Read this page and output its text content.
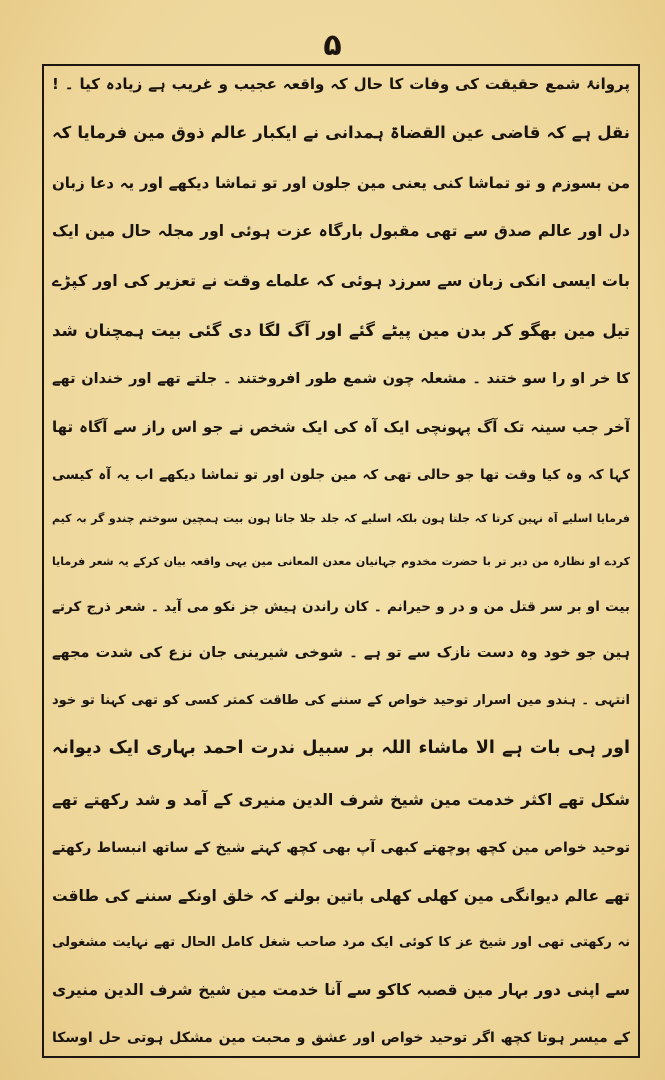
۵
پروانۂ شمع حقیقت کی وفات کا حال کہ واقعہ عجیب و غریب ہے زیادہ کیا ۔ !
نقل ہے کہ قاضی عین القضاۃ ہمدانی نے ایکبار عالم ذوق مین فرمایا کہ
من بسوزم و تو تماشا کنی یعنی مین جلون اور تو تماشا دیکھے اور یہ دعا زبان
دل اور عالم صدق سے تھی مقبول بارگاہ عزت ہوئی اور مجلہ حال مین ایک
بات ایسی انکی زبان سے سرزد ہوئی کہ علماے وقت نے تعزیر کی اور کپڑے
تیل مین بھگو کر بدن مین پیٹے گئے اور آگ لگا دی گئی بیت ہمچنان شد
کا خر او را سو ختند ۔ مشعلہ چون شمع طور افروختند ۔ جلتے تھے اور خندان تھے
آخر جب سینہ تک آگ پہونچی ایک آہ کی ایک شخص نے جو اس راز سے آگاہ تھا
کہا کہ وہ کیا وقت تھا جو حالی تھی کہ مین جلون اور تو تماشا دیکھے اب یہ آہ کیسی
فرمایا اسلیے آہ نہین کرتا کہ جلتا ہون بلکہ اسلیے کہ جلد جلا جاتا ہون بیت ہمچین سوختم چندو گر بہ کیم
کردے او نظارہ من دیر تر با حضرت مخدوم جہانیان معدن المعانی مین یہی واقعہ بیان کرکے یہ شعر فرمایا
بیت او بر سر قتل من و در و حیرانم ۔ کان راندن ہیش جز نکو می آید ۔ شعر ذرج کرتے
ہین جو خود وہ دست نازک سے تو ہے ۔ شوخی شیرینی جان نزع کی شدت مجھے
انتہی ۔ ہندو مین اسرار توحید خواص کے سننے کی طاقت کمتر کسی کو تھی کہنا تو خود
اور ہی بات ہے الا ماشاء اللہ بر سبیل ندرت احمد بہاری ایک دیوانہ
شکل تھے اکثر خدمت مین شیخ شرف الدین منیری کے آمد و شد رکھتے تھے
توحید خواص مین کچھ پوچھتے کبھی آپ بھی کچھ کہتے شیخ کے ساتھ انبساط رکھتے
تھے عالم دیوانگی مین کھلی کھلی باتین بولنے کہ خلق اونکے سننے کی طاقت
نہ رکھتی تھی اور شیخ عز کا کوئی ایک مرد صاحب شغل کامل الحال تھے نہایت مشغولی
سے اپنی دور بہار مین قصبہ کاکو سے آنا خدمت مین شیخ شرف الدین منیری
کے میسر ہوتا کچھ اگر توحید خواص اور عشق و محبت مین مشکل ہوتی حل اوسکا
